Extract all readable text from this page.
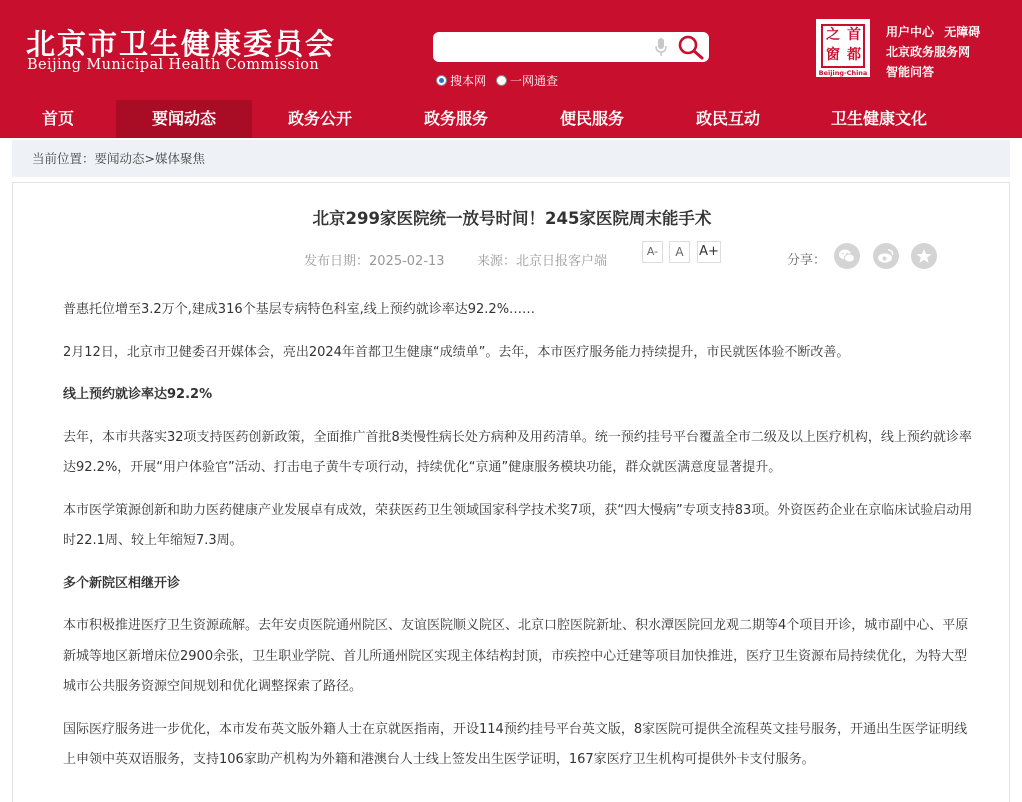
北京市卫生健康委员会
Beijing Municipal Health Commission
搜本网 一网通查
首
都
之
窗
Beijing-China
用户中心 无障碍
北京政务服务网
智能问答
首页	要闻动态	政务公开	政务服务	便民服务	政民互动	卫生健康文化
当前位置：要闻动态>媒体聚焦
北京299家医院统一放号时间！245家医院周末能手术
发布日期：2025-02-13 来源：北京日报客户端
A-	A	A+
分享：

普惠托位增至3.2万个,建成316个基层专病特色科室,线上预约就诊率达92.2%……

2月12日，北京市卫健委召开媒体会，亮出2024年首都卫生健康“成绩单”。去年，本市医疗服务能力持续提升，市民就医体验不断改善。

线上预约就诊率达92.2%

去年，本市共落实32项支持医药创新政策，全面推广首批8类慢性病长处方病种及用药清单。统一预约挂号平台覆盖全市二级及以上医疗机构，线上预约就诊率达92.2%，开展“用户体验官”活动、打击电子黄牛专项行动，持续优化“京通”健康服务模块功能，群众就医满意度显著提升。

本市医学策源创新和助力医药健康产业发展卓有成效，荣获医药卫生领域国家科学技术奖7项，获“四大慢病”专项支持83项。外资医药企业在京临床试验启动用时22.1周、较上年缩短7.3周。

多个新院区相继开诊

本市积极推进医疗卫生资源疏解。去年安贞医院通州院区、友谊医院顺义院区、北京口腔医院新址、积水潭医院回龙观二期等4个项目开诊，城市副中心、平原新城等地区新增床位2900余张，卫生职业学院、首儿所通州院区实现主体结构封顶，市疾控中心迁建等项目加快推进，医疗卫生资源布局持续优化，为特大型城市公共服务资源空间规划和优化调整探索了路径。

国际医疗服务进一步优化，本市发布英文版外籍人士在京就医指南，开设114预约挂号平台英文版，8家医院可提供全流程英文挂号服务，开通出生医学证明线上申领中英双语服务，支持106家助产机构为外籍和港澳台人士线上签发出生医学证明，167家医疗卫生机构可提供外卡支付服务。
